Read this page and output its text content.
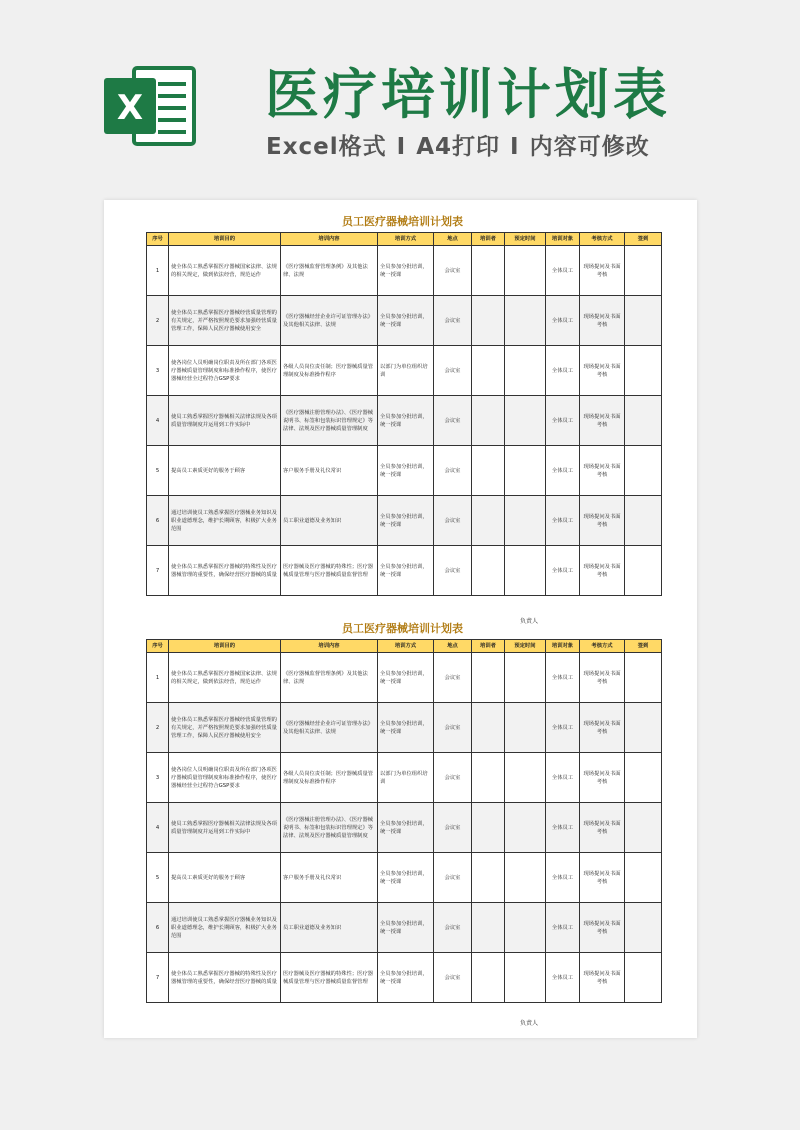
X 医疗培训计划表
Excel格式 I A4打印 I 内容可修改
员工医疗器械培训计划表
序号	培训目的	培训内容	培训方式	地点	培训者	预定时间	培训对象	考核方式	签到
1	使全体员工熟悉掌握医疗器械国家法律、法规的相关规定，做到依法经营，规范运作	《医疗器械监督管理条例》及其他法律、法规	全员参加分批培训，统一授课	会议室			全体员工	现场提问及书面考核	
2	使全体员工熟悉掌握医疗器械经营质量管理的有关规定，并严格按照规范要求加强经营质量管理工作，保障人民医疗器械使用安全	《医疗器械经营企业许可证管理办法》及其他相关法律、法规	全员参加分批培训，统一授课	会议室			全体员工	现场提问及书面考核	
3	使各岗位人员明确岗位职责及所在部门各项医疗器械质量管理制度和标准操作程序，使医疗器械经营全过程符合GSP要求	各级人员岗位责任制；医疗器械质量管理制度及标准操作程序	以部门为单位组织培训	会议室			全体员工	现场提问及书面考核	
4	使员工熟悉掌握医疗器械相关法律法规及各项质量管理制度并运用到工作实际中	《医疗器械注册管理办法》、《医疗器械说明书、标签和包装标识管理规定》等法律、法规及医疗器械质量管理制度	全员参加分批培训，统一授课	会议室			全体员工	现场提问及书面考核	
5	提高员工素质更好的服务于顾客	客户服务手册及礼仪常识	全员参加分批培训，统一授课	会议室			全体员工	现场提问及书面考核	
6	通过培训使员工熟悉掌握医疗器械业务知识及职业道德理念，维护长期顾客，积极扩大业务范围	员工职业道德及业务知识	全员参加分批培训，统一授课	会议室			全体员工	现场提问及书面考核	
7	使全体员工熟悉掌握医疗器械的特殊性及医疗器械管理的重要性，确保经营医疗器械的质量	医疗器械及医疗器械的特殊性；医疗器械质量管理与医疗器械质量监督管理	全员参加分批培训，统一授课	会议室			全体员工	现场提问及书面考核	
负责人
员工医疗器械培训计划表
序号	培训目的	培训内容	培训方式	地点	培训者	预定时间	培训对象	考核方式	签到
1	使全体员工熟悉掌握医疗器械国家法律、法规的相关规定，做到依法经营，规范运作	《医疗器械监督管理条例》及其他法律、法规	全员参加分批培训，统一授课	会议室			全体员工	现场提问及书面考核	
2	使全体员工熟悉掌握医疗器械经营质量管理的有关规定，并严格按照规范要求加强经营质量管理工作，保障人民医疗器械使用安全	《医疗器械经营企业许可证管理办法》及其他相关法律、法规	全员参加分批培训，统一授课	会议室			全体员工	现场提问及书面考核	
3	使各岗位人员明确岗位职责及所在部门各项医疗器械质量管理制度和标准操作程序，使医疗器械经营全过程符合GSP要求	各级人员岗位责任制；医疗器械质量管理制度及标准操作程序	以部门为单位组织培训	会议室			全体员工	现场提问及书面考核	
4	使员工熟悉掌握医疗器械相关法律法规及各项质量管理制度并运用到工作实际中	《医疗器械注册管理办法》、《医疗器械说明书、标签和包装标识管理规定》等法律、法规及医疗器械质量管理制度	全员参加分批培训，统一授课	会议室			全体员工	现场提问及书面考核	
5	提高员工素质更好的服务于顾客	客户服务手册及礼仪常识	全员参加分批培训，统一授课	会议室			全体员工	现场提问及书面考核	
6	通过培训使员工熟悉掌握医疗器械业务知识及职业道德理念，维护长期顾客，积极扩大业务范围	员工职业道德及业务知识	全员参加分批培训，统一授课	会议室			全体员工	现场提问及书面考核	
7	使全体员工熟悉掌握医疗器械的特殊性及医疗器械管理的重要性，确保经营医疗器械的质量	医疗器械及医疗器械的特殊性；医疗器械质量管理与医疗器械质量监督管理	全员参加分批培训，统一授课	会议室			全体员工	现场提问及书面考核	
负责人
